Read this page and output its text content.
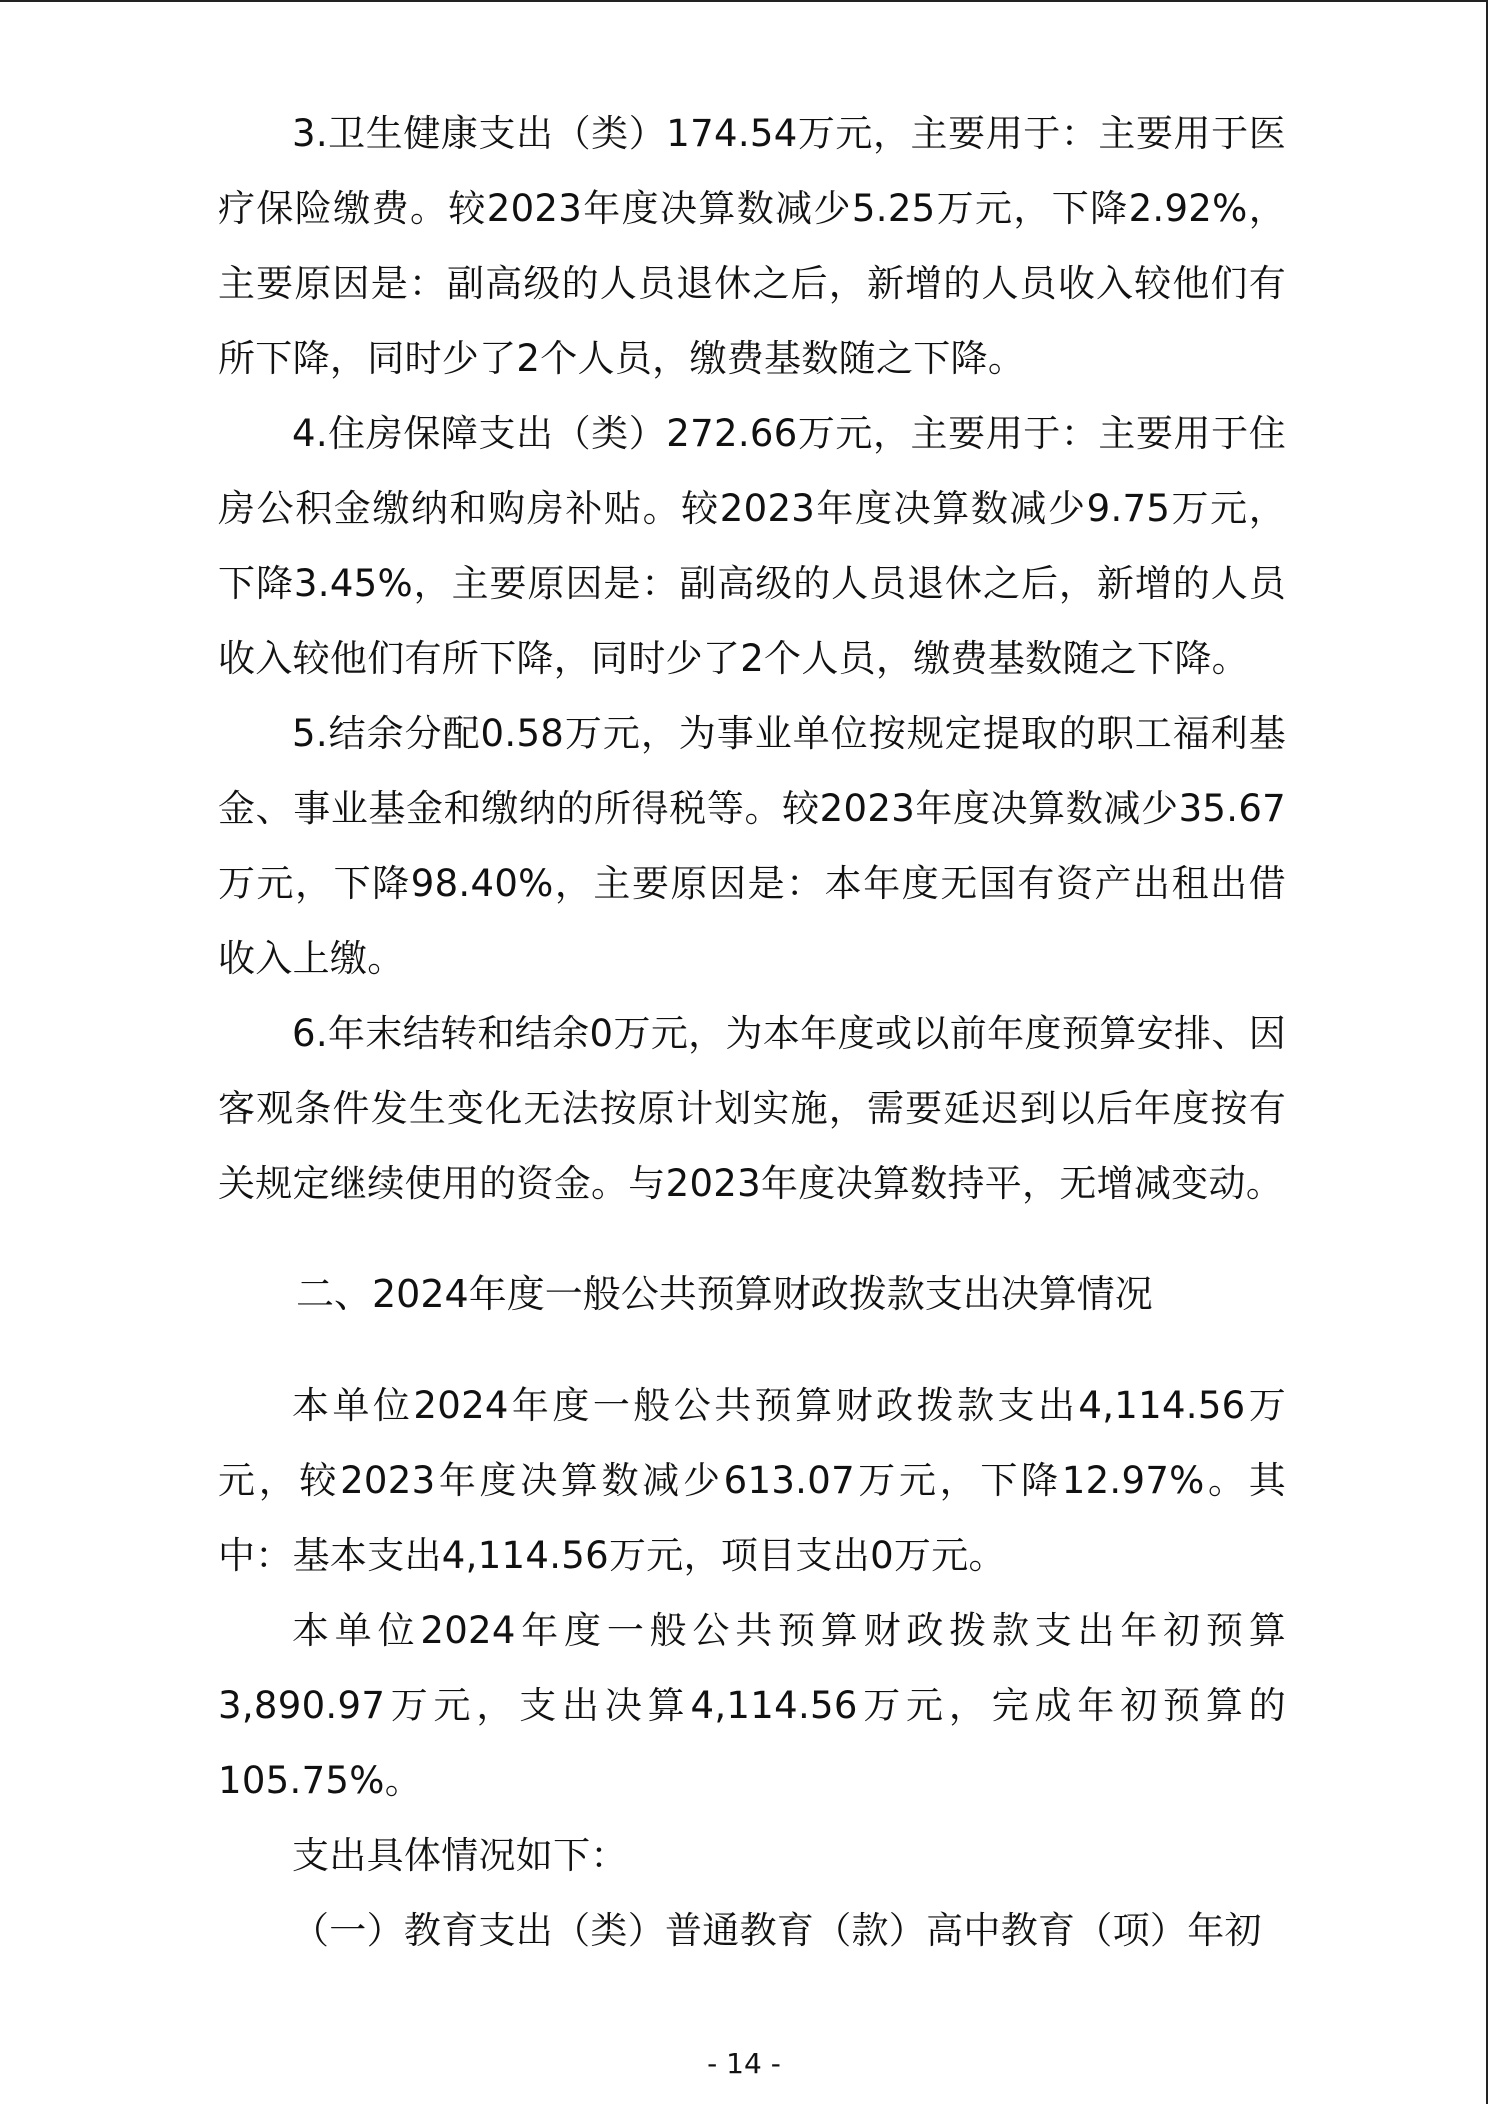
3.卫生健康支出（类）174.54万元，主要用于：主要用于医疗保险缴费。较2023年度决算数减少5.25万元，下降2.92%，主要原因是：副高级的人员退休之后，新增的人员收入较他们有所下降，同时少了2个人员，缴费基数随之下降。

4.住房保障支出（类）272.66万元，主要用于：主要用于住房公积金缴纳和购房补贴。较2023年度决算数减少9.75万元，下降3.45%，主要原因是：副高级的人员退休之后，新增的人员收入较他们有所下降，同时少了2个人员，缴费基数随之下降。

5.结余分配0.58万元，为事业单位按规定提取的职工福利基金、事业基金和缴纳的所得税等。较2023年度决算数减少35.67万元，下降98.40%，主要原因是：本年度无国有资产出租出借收入上缴。

6.年末结转和结余0万元，为本年度或以前年度预算安排、因客观条件发生变化无法按原计划实施，需要延迟到以后年度按有关规定继续使用的资金。与2023年度决算数持平，无增减变动。

二、2024年度一般公共预算财政拨款支出决算情况

本单位2024年度一般公共预算财政拨款支出4,114.56万元，较2023年度决算数减少613.07万元，下降12.97%。其中：基本支出4,114.56万元，项目支出0万元。

本单位2024年度一般公共预算财政拨款支出年初预算3,890.97万元，支出决算4,114.56万元，完成年初预算的105.75%。

支出具体情况如下：

（一）教育支出（类）普通教育（款）高中教育（项）年初

- 14 -
